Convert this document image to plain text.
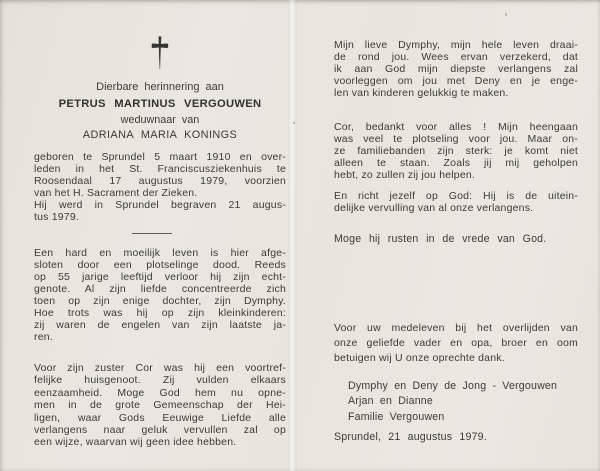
Dierbare herinnering aan
PETRUS MARTINUS VERGOUWEN
weduwnaar van
ADRIANA MARIA KONINGS
geboren te Sprundel 5 maart 1910 en over-
leden in het St. Franciscusziekenhuis te
Roosendaal 17 augustus 1979, voorzien
van het H. Sacrament der Zieken.
Hij werd in Sprundel begraven 21 augus-
tus 1979.
Een hard en moeilijk leven is hier afge-
sloten door een plotselinge dood. Reeds
op 55 jarige leeftijd verloor hij zijn echt-
genote. Al zijn liefde concentreerde zich
toen op zijn enige dochter, zijn Dymphy.
Hoe trots was hij op zijn kleinkinderen:
zij waren de engelen van zijn laatste ja-
ren.
Voor zijn zuster Cor was hij een voortref-
felijke huisgenoot. Zij vulden elkaars
eenzaamheid. Moge God hem nu opne-
men in de grote Gemeenschap der Hei-
ligen, waar Gods Eeuwige Liefde alle
verlangens naar geluk vervullen zal op
een wijze, waarvan wij geen idee hebben.
Mijn lieve Dymphy, mijn hele leven draai-
de rond jou. Wees ervan verzekerd, dat
ik aan God mijn diepste verlangens zal
voorleggen om jou met Deny en je enge-
len van kinderen gelukkig te maken.
Cor, bedankt voor alles ! Mijn heengaan
was veel te plotseling voor jou. Maar on-
ze familiebanden zijn sterk: je komt niet
alleen te staan. Zoals jij mij geholpen
hebt, zo zullen zij jou helpen.
En richt jezelf op God: Hij is de uitein-
delijke vervulling van al onze verlangens.
Moge hij rusten in de vrede van God.
Voor uw medeleven bij het overlijden van
onze geliefde vader en opa, broer en oom
betuigen wij U onze oprechte dank.
Dymphy en Deny de Jong - Vergouwen
Arjan en Dianne
Familie Vergouwen
Sprundel, 21 augustus 1979.
